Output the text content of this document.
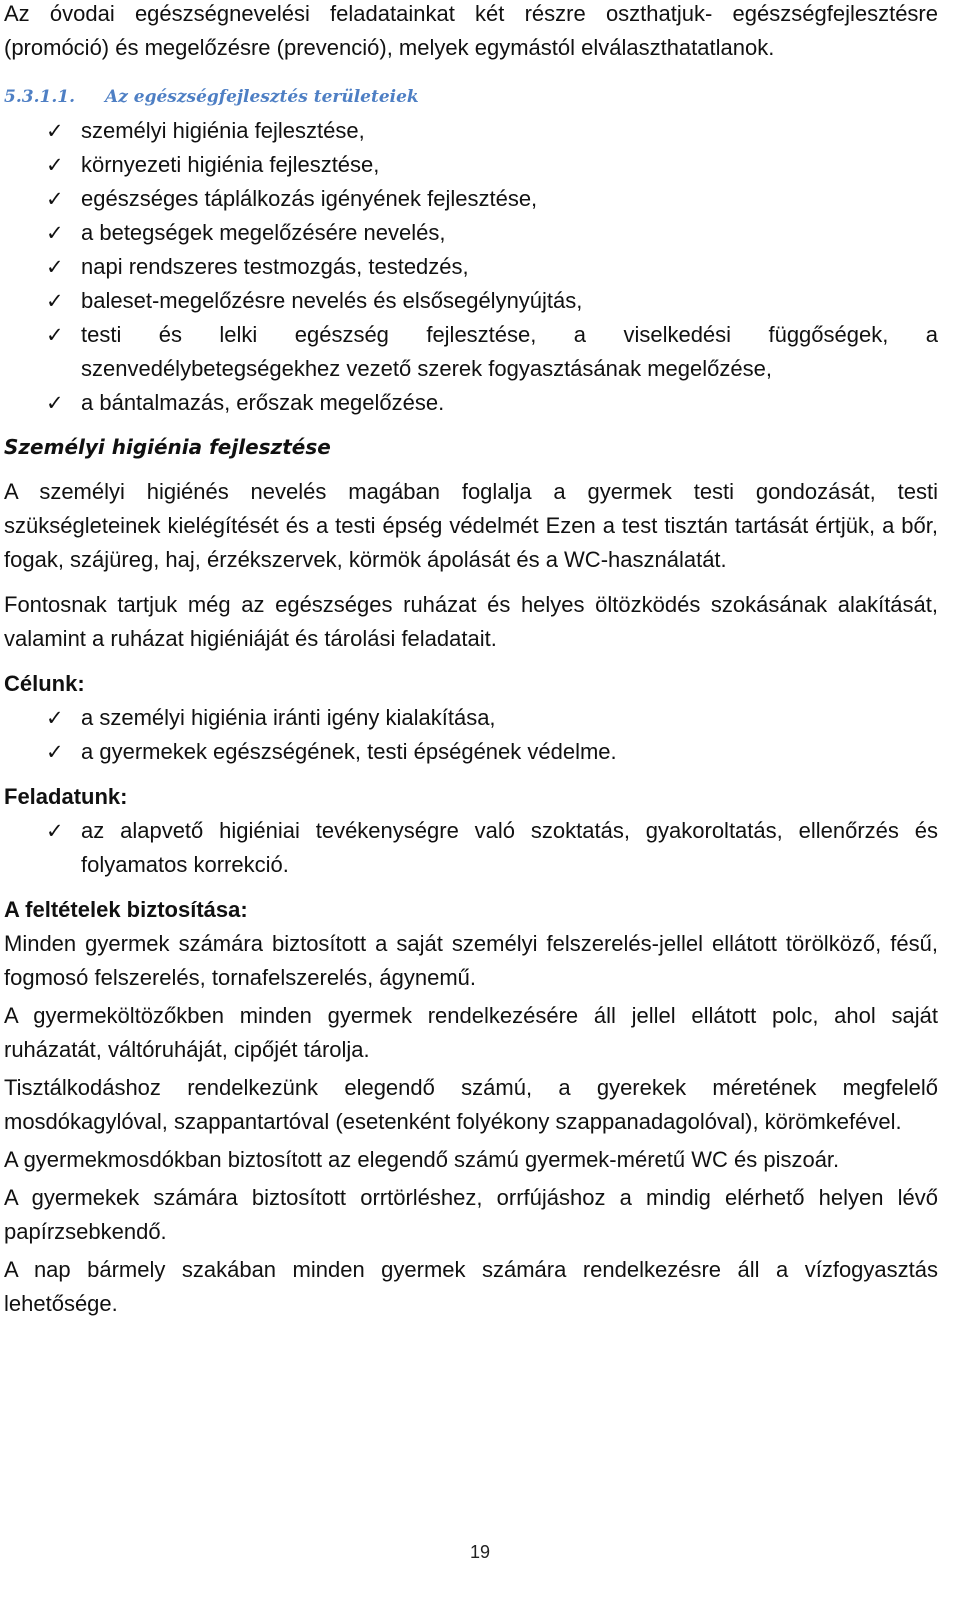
Az óvodai egészségnevelési feladatainkat két részre oszthatjuk- egészségfejlesztésre (promóció) és megelőzésre (prevenció), melyek egymástól elválaszthatatlanok.

5.3.1.1. Az egészségfejlesztés területeiek
✓ személyi higiénia fejlesztése,
✓ környezeti higiénia fejlesztése,
✓ egészséges táplálkozás igényének fejlesztése,
✓ a betegségek megelőzésére nevelés,
✓ napi rendszeres testmozgás, testedzés,
✓ baleset-megelőzésre nevelés és elsősegélynyújtás,
✓ testi és lelki egészség fejlesztése, a viselkedési függőségek, a szenvedélybetegségekhez vezető szerek fogyasztásának megelőzése,
✓ a bántalmazás, erőszak megelőzése.
Személyi higiénia fejlesztése

A személyi higiénés nevelés magában foglalja a gyermek testi gondozását, testi szükségleteinek kielégítését és a testi épség védelmét Ezen a test tisztán tartását értjük, a bőr, fogak, szájüreg, haj, érzékszervek, körmök ápolását és a WC-használatát.

Fontosnak tartjuk még az egészséges ruházat és helyes öltözködés szokásának alakítását, valamint a ruházat higiéniáját és tárolási feladatait.

Célunk:
✓ a személyi higiénia iránti igény kialakítása,
✓ a gyermekek egészségének, testi épségének védelme.
Feladatunk:
✓ az alapvető higiéniai tevékenységre való szoktatás, gyakoroltatás, ellenőrzés és folyamatos korrekció.
A feltételek biztosítása:

Minden gyermek számára biztosított a saját személyi felszerelés-jellel ellátott törölköző, fésű, fogmosó felszerelés, tornafelszerelés, ágynemű.

A gyermeköltözőkben minden gyermek rendelkezésére áll jellel ellátott polc, ahol saját ruházatát, váltóruháját, cipőjét tárolja.

Tisztálkodáshoz rendelkezünk elegendő számú, a gyerekek méretének megfelelő mosdókagylóval, szappantartóval (esetenként folyékony szappanadagolóval), körömkefével.

A gyermekmosdókban biztosított az elegendő számú gyermek-méretű WC és piszoár.

A gyermekek számára biztosított orrtörléshez, orrfújáshoz a mindig elérhető helyen lévő papírzsebkendő.

A nap bármely szakában minden gyermek számára rendelkezésre áll a vízfogyasztás lehetősége.

19
